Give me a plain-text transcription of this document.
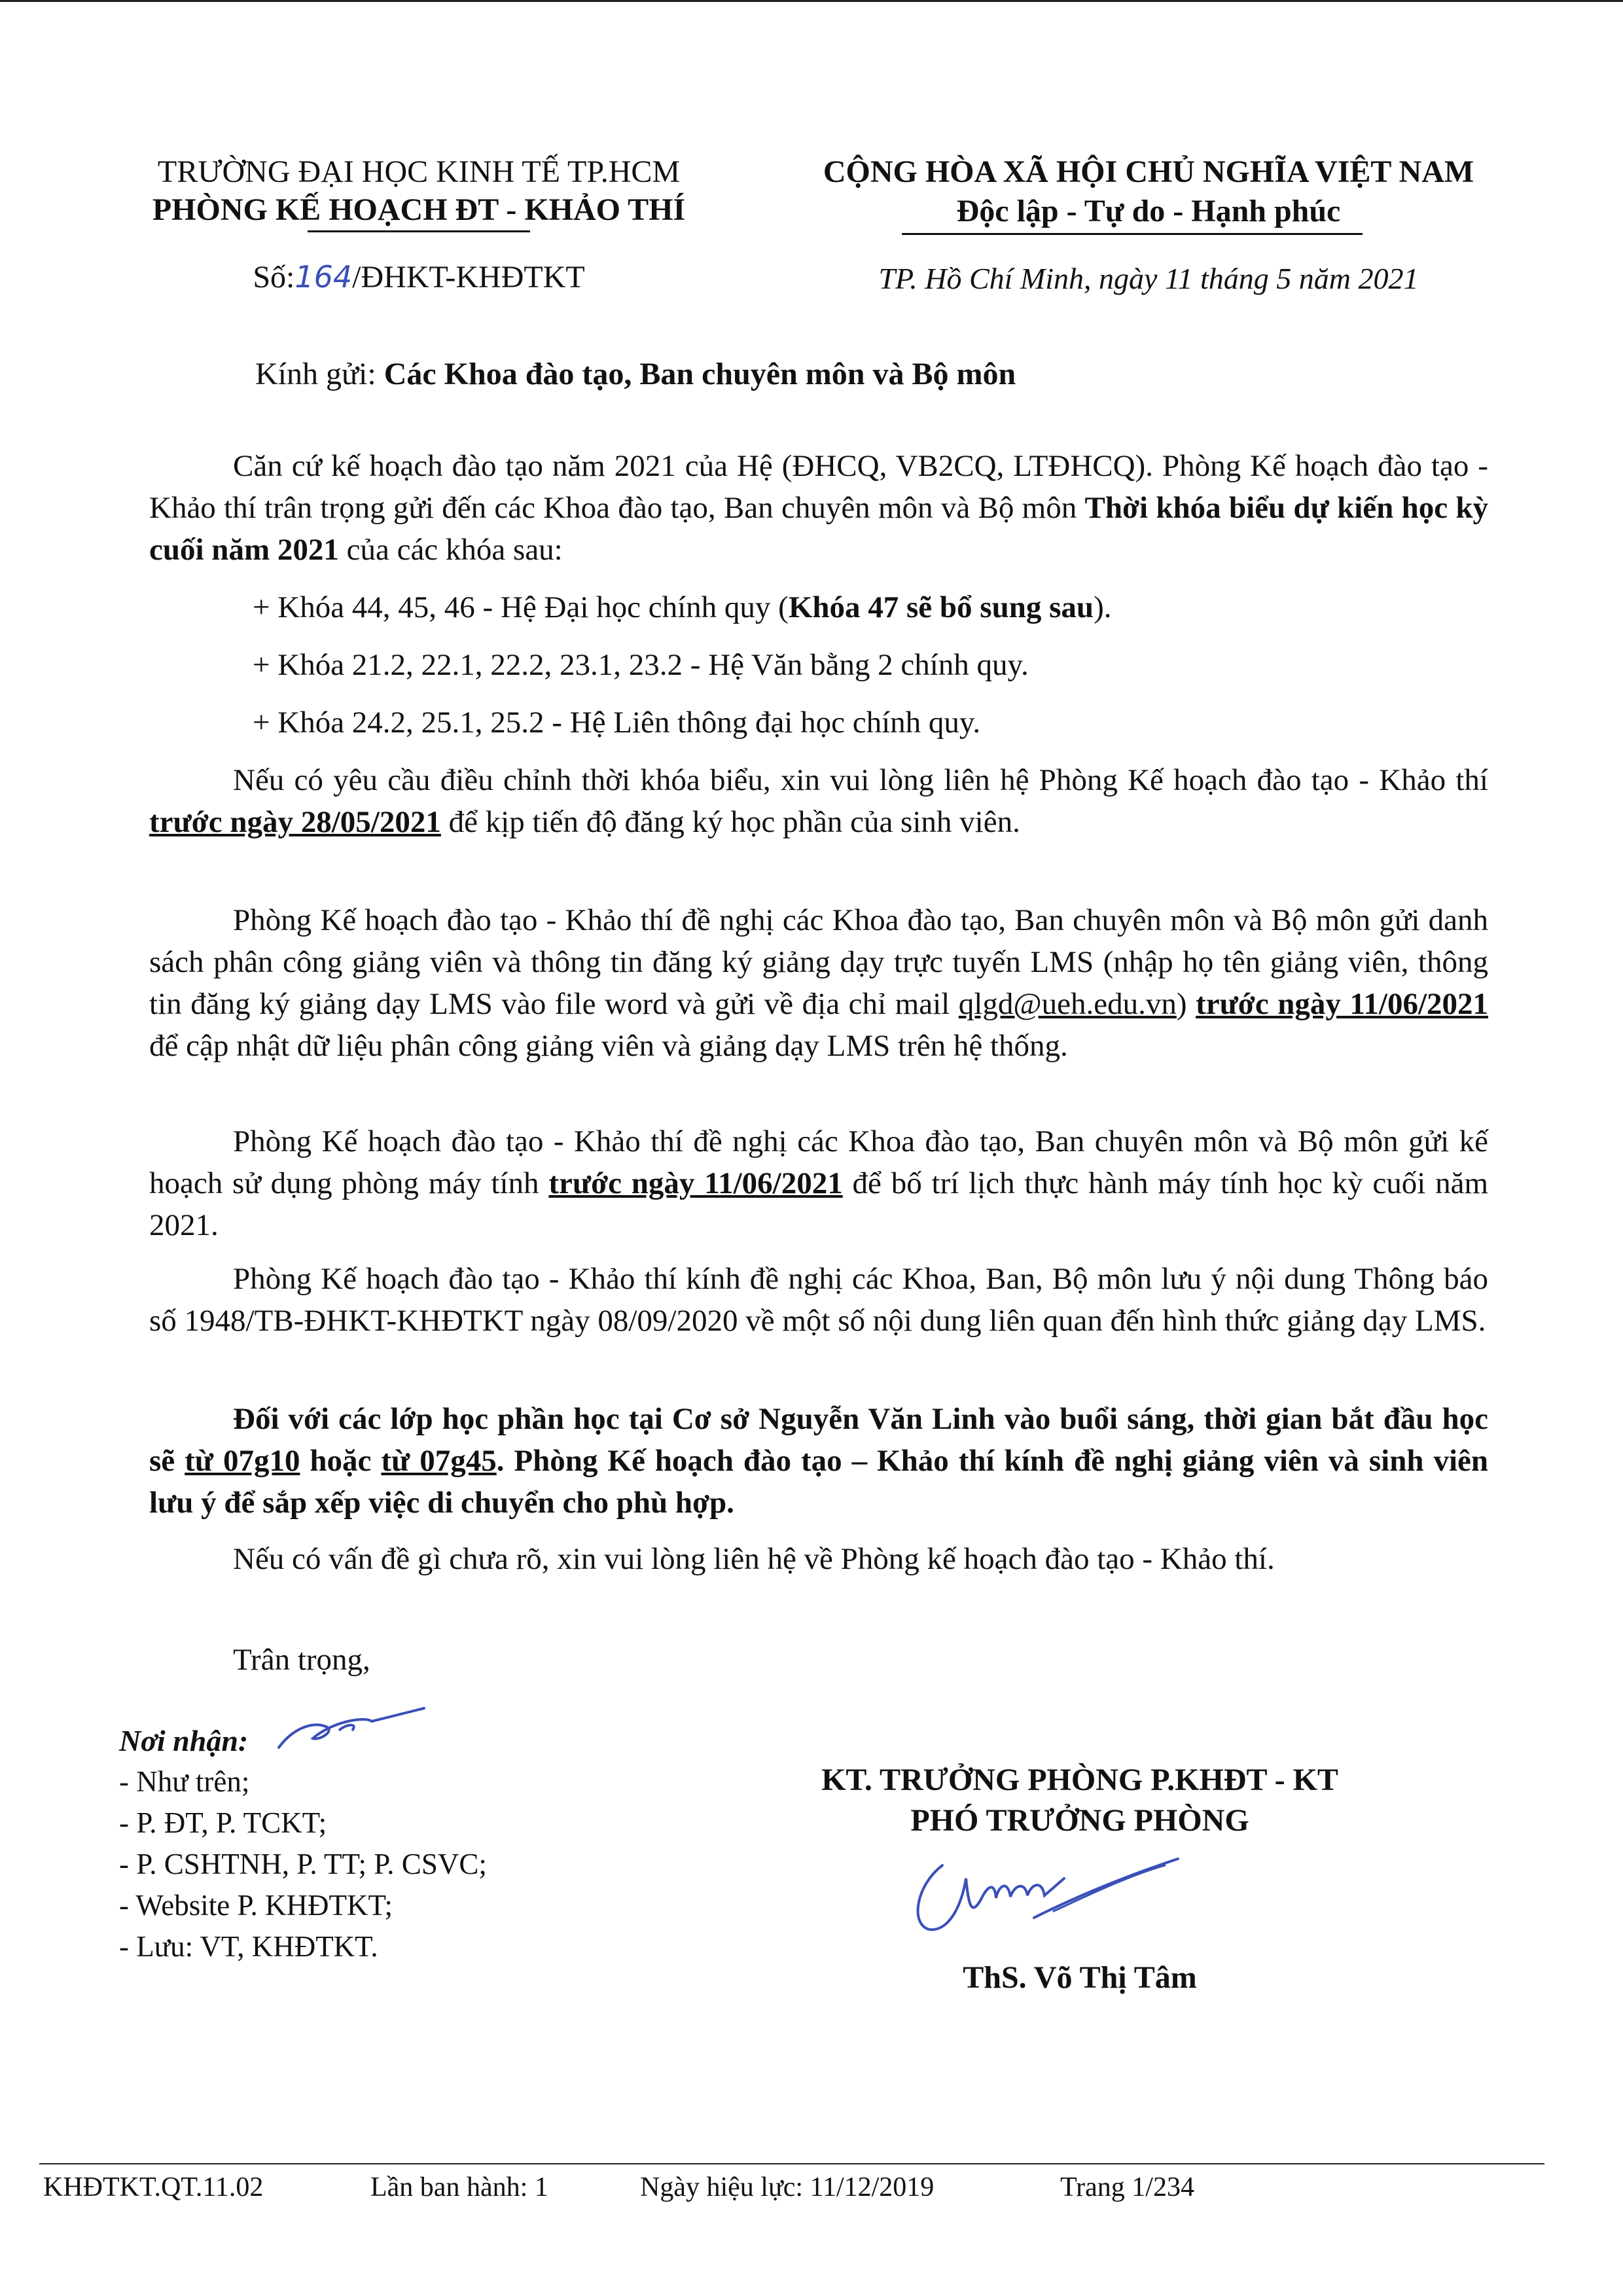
TRƯỜNG ĐẠI HỌC KINH TẾ TP.HCM
PHÒNG KẾ HOẠCH ĐT - KHẢO THÍ
Số:164/ĐHKT-KHĐTKT
CỘNG HÒA XÃ HỘI CHỦ NGHĨA VIỆT NAM
Độc lập - Tự do - Hạnh phúc
TP. Hồ Chí Minh, ngày 11 tháng 5 năm 2021
Kính gửi: Các Khoa đào tạo, Ban chuyên môn và Bộ môn
Căn cứ kế hoạch đào tạo năm 2021 của Hệ (ĐHCQ, VB2CQ, LTĐHCQ). Phòng Kế hoạch đào tạo - Khảo thí trân trọng gửi đến các Khoa đào tạo, Ban chuyên môn và Bộ môn Thời khóa biểu dự kiến học kỳ cuối năm 2021 của các khóa sau:
+ Khóa 44, 45, 46 - Hệ Đại học chính quy (Khóa 47 sẽ bổ sung sau).
+ Khóa 21.2, 22.1, 22.2, 23.1, 23.2 - Hệ Văn bằng 2 chính quy.
+ Khóa 24.2, 25.1, 25.2 - Hệ Liên thông đại học chính quy.
Nếu có yêu cầu điều chỉnh thời khóa biểu, xin vui lòng liên hệ Phòng Kế hoạch đào tạo - Khảo thí trước ngày 28/05/2021 để kịp tiến độ đăng ký học phần của sinh viên.
Phòng Kế hoạch đào tạo - Khảo thí đề nghị các Khoa đào tạo, Ban chuyên môn và Bộ môn gửi danh sách phân công giảng viên và thông tin đăng ký giảng dạy trực tuyến LMS (nhập họ tên giảng viên, thông tin đăng ký giảng dạy LMS vào file word và gửi về địa chỉ mail qlgd@ueh.edu.vn) trước ngày 11/06/2021 để cập nhật dữ liệu phân công giảng viên và giảng dạy LMS trên hệ thống.
Phòng Kế hoạch đào tạo - Khảo thí đề nghị các Khoa đào tạo, Ban chuyên môn và Bộ môn gửi kế hoạch sử dụng phòng máy tính trước ngày 11/06/2021 để bố trí lịch thực hành máy tính học kỳ cuối năm 2021.
Phòng Kế hoạch đào tạo - Khảo thí kính đề nghị các Khoa, Ban, Bộ môn lưu ý nội dung Thông báo số 1948/TB-ĐHKT-KHĐTKT ngày 08/09/2020 về một số nội dung liên quan đến hình thức giảng dạy LMS.
Đối với các lớp học phần học tại Cơ sở Nguyễn Văn Linh vào buổi sáng, thời gian bắt đầu học sẽ từ 07g10 hoặc từ 07g45. Phòng Kế hoạch đào tạo – Khảo thí kính đề nghị giảng viên và sinh viên lưu ý để sắp xếp việc di chuyển cho phù hợp.
Nếu có vấn đề gì chưa rõ, xin vui lòng liên hệ về Phòng kế hoạch đào tạo - Khảo thí.
Trân trọng,
Nơi nhận:
- Như trên;
- P. ĐT, P. TCKT;
- P. CSHTNH, P. TT; P. CSVC;
- Website P. KHĐTKT;
- Lưu: VT, KHĐTKT.
KT. TRƯỞNG PHÒNG P.KHĐT - KT
PHÓ TRƯỞNG PHÒNG
ThS. Võ Thị Tâm
KHĐTKT.QT.11.02	Lần ban hành: 1	Ngày hiệu lực: 11/12/2019	Trang 1/234
